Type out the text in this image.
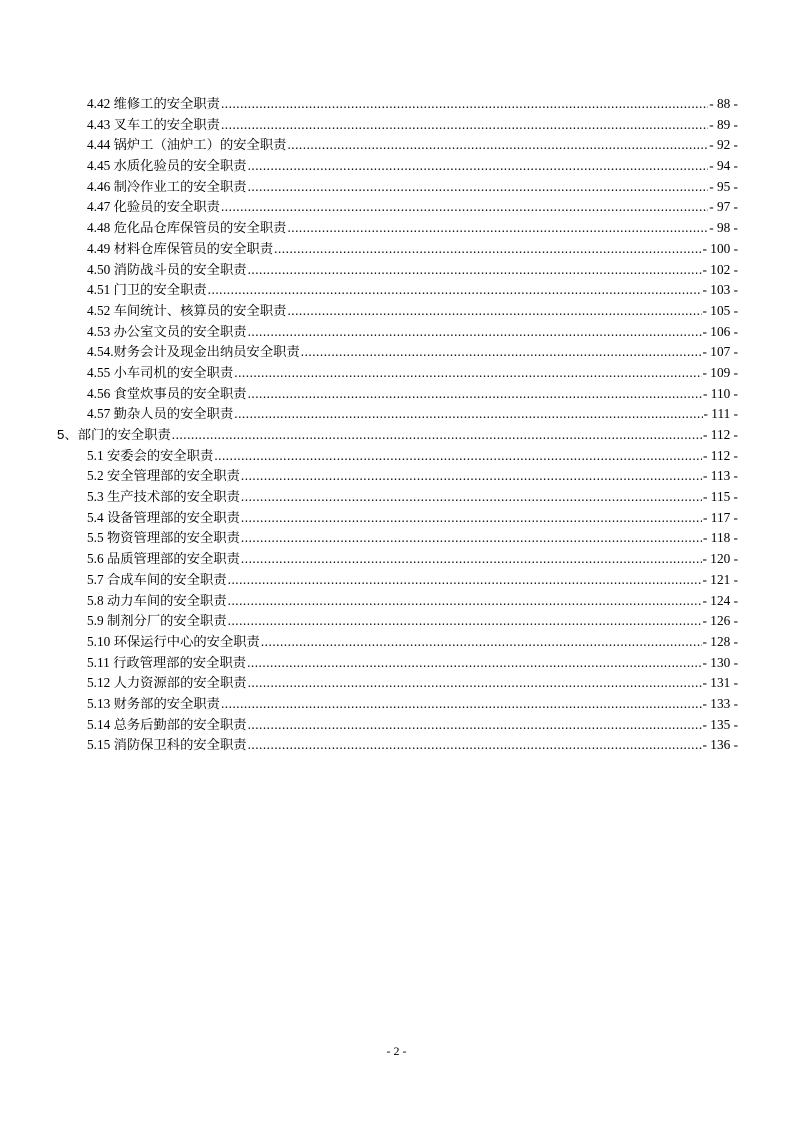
4.42 维修工的安全职责 .....	- 88 -
4.43 叉车工的安全职责 .....	- 89 -
4.44 锅炉工（油炉工）的安全职责 .....	- 92 -
4.45 水质化验员的安全职责 .....	- 94 -
4.46 制冷作业工的安全职责 .....	- 95 -
4.47 化验员的安全职责 .....	- 97 -
4.48 危化品仓库保管员的安全职责 .....	- 98 -
4.49 材料仓库保管员的安全职责 .....	- 100 -
4.50 消防战斗员的安全职责 .....	- 102 -
4.51 门卫的安全职责 .....	- 103 -
4.52 车间统计、核算员的安全职责 .....	- 105 -
4.53 办公室文员的安全职责 .....	- 106 -
4.54.财务会计及现金出纳员安全职责 .....	- 107 -
4.55 小车司机的安全职责 .....	- 109 -
4.56 食堂炊事员的安全职责 .....	- 110 -
4.57 勤杂人员的安全职责 .....	- 111 -
5、部门的安全职责 .....	- 112 -
5.1 安委会的安全职责 .....	- 112 -
5.2 安全管理部的安全职责 .....	- 113 -
5.3 生产技术部的安全职责 .....	- 115 -
5.4 设备管理部的安全职责 .....	- 117 -
5.5 物资管理部的安全职责 .....	- 118 -
5.6 品质管理部的安全职责 .....	- 120 -
5.7 合成车间的安全职责 .....	- 121 -
5.8 动力车间的安全职责 .....	- 124 -
5.9 制剂分厂的安全职责 .....	- 126 -
5.10 环保运行中心的安全职责 .....	- 128 -
5.11 行政管理部的安全职责 .....	- 130 -
5.12 人力资源部的安全职责 .....	- 131 -
5.13 财务部的安全职责 .....	- 133 -
5.14 总务后勤部的安全职责 .....	- 135 -
5.15 消防保卫科的安全职责 .....	- 136 -
- 2 -
